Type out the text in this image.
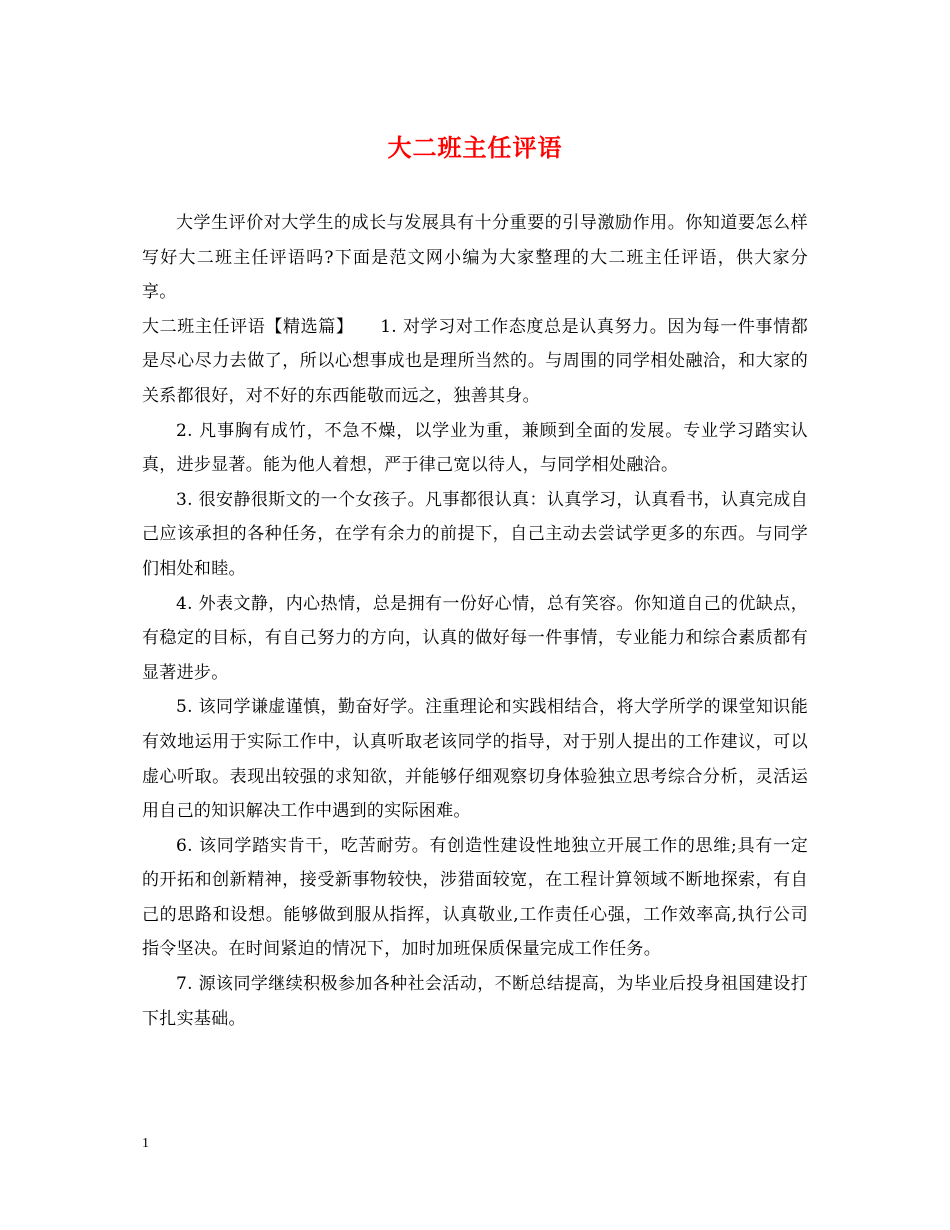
大二班主任评语

大学生评价对大学生的成长与发展具有十分重要的引导激励作用。你知道要怎么样写好大二班主任评语吗?下面是范文网小编为大家整理的大二班主任评语，供大家分享。

大二班主任评语【精选篇】　　1. 对学习对工作态度总是认真努力。因为每一件事情都是尽心尽力去做了，所以心想事成也是理所当然的。与周围的同学相处融洽，和大家的关系都很好，对不好的东西能敬而远之，独善其身。

2. 凡事胸有成竹，不急不燥，以学业为重，兼顾到全面的发展。专业学习踏实认真，进步显著。能为他人着想，严于律己宽以待人，与同学相处融洽。

3. 很安静很斯文的一个女孩子。凡事都很认真：认真学习，认真看书，认真完成自己应该承担的各种任务，在学有余力的前提下，自己主动去尝试学更多的东西。与同学们相处和睦。

4. 外表文静，内心热情，总是拥有一份好心情，总有笑容。你知道自己的优缺点，有稳定的目标，有自己努力的方向，认真的做好每一件事情，专业能力和综合素质都有显著进步。

5. 该同学谦虚谨慎，勤奋好学。注重理论和实践相结合，将大学所学的课堂知识能有效地运用于实际工作中，认真听取老该同学的指导，对于别人提出的工作建议，可以虚心听取。表现出较强的求知欲，并能够仔细观察切身体验独立思考综合分析，灵活运用自己的知识解决工作中遇到的实际困难。

6. 该同学踏实肯干，吃苦耐劳。有创造性建设性地独立开展工作的思维;具有一定的开拓和创新精神，接受新事物较快，涉猎面较宽，在工程计算领域不断地探索，有自己的思路和设想。能够做到服从指挥，认真敬业,工作责任心强，工作效率高,执行公司指令坚决。在时间紧迫的情况下，加时加班保质保量完成工作任务。

7. 源该同学继续积极参加各种社会活动，不断总结提高，为毕业后投身祖国建设打下扎实基础。

1
